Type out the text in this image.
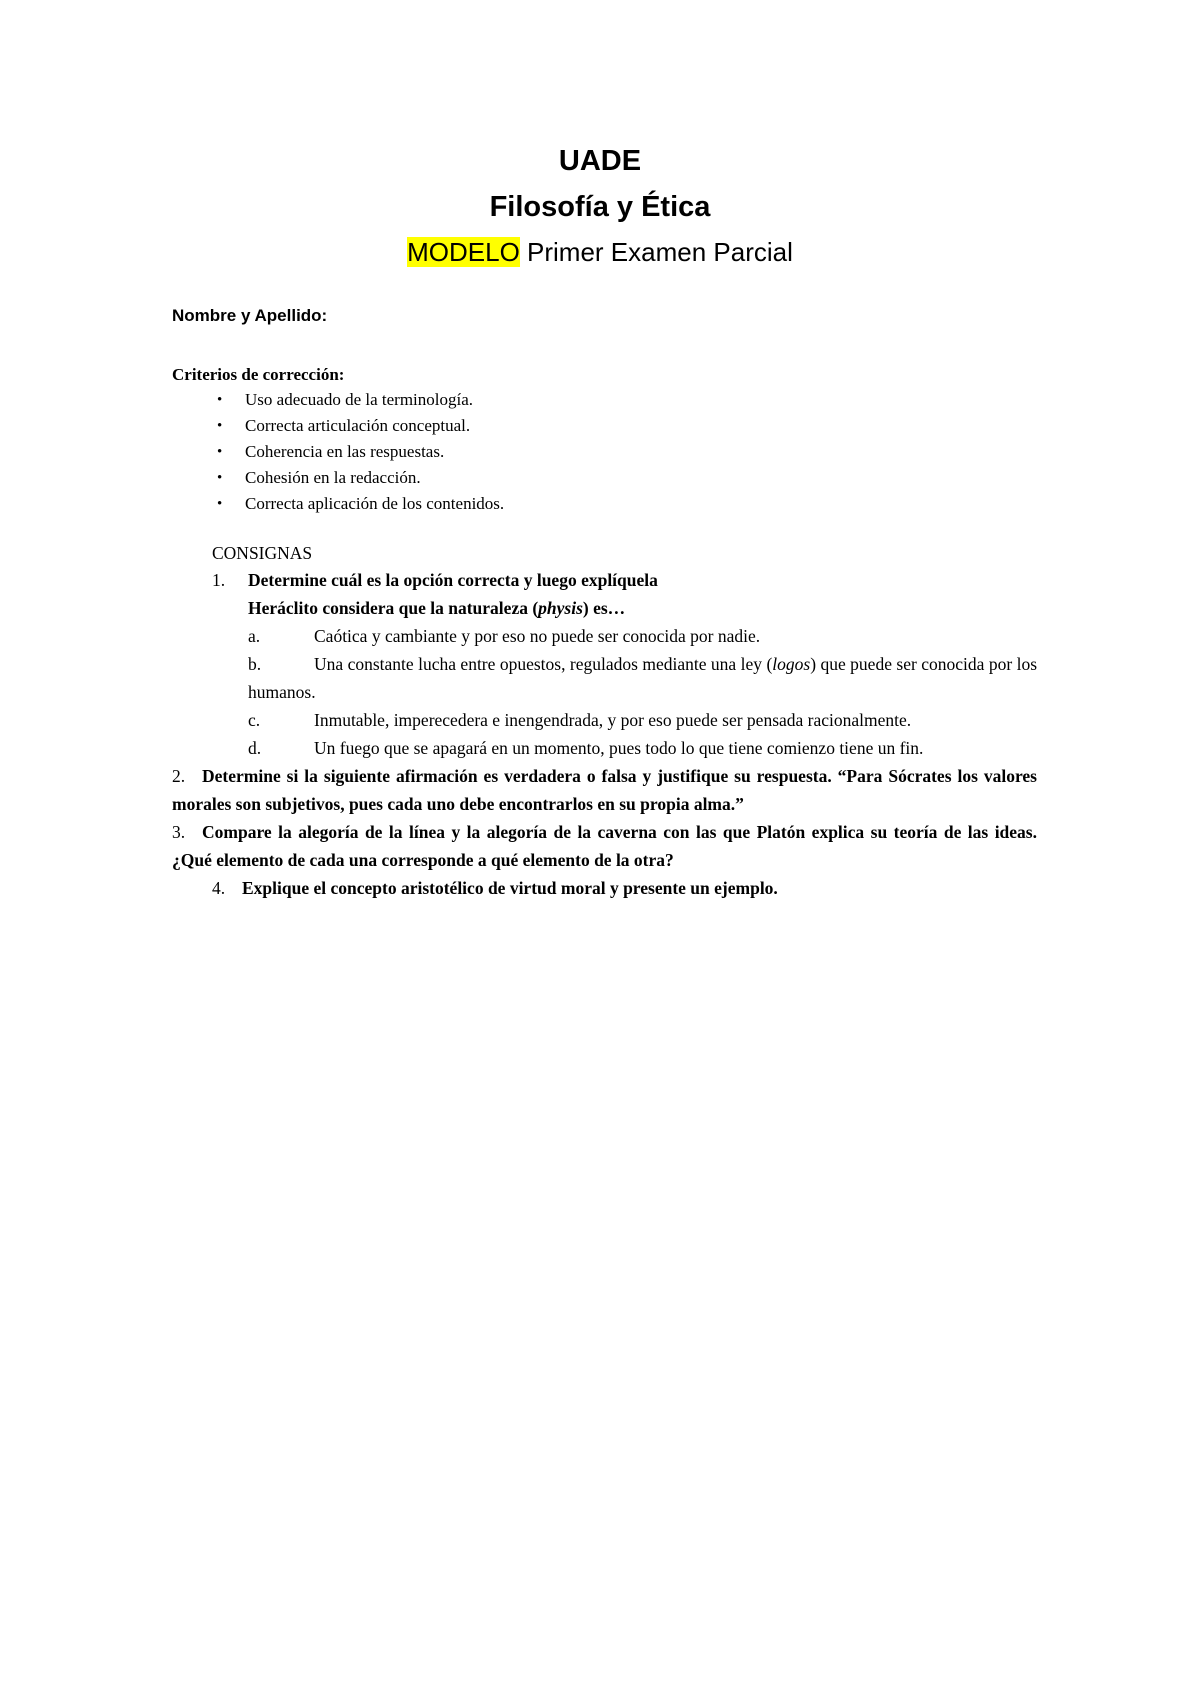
UADE

Filosofía y Ética

MODELO Primer Examen Parcial

Nombre y Apellido:
Criterios de corrección:
• Uso adecuado de la terminología.
• Correcta articulación conceptual.
• Coherencia en las respuestas.
• Cohesión en la redacción.
• Correcta aplicación de los contenidos.
CONSIGNAS
1. Determine cuál es la opción correcta y luego explíquela
Heráclito considera que la naturaleza (physis) es…
a.	Caótica y cambiante y por eso no puede ser conocida por nadie.
b.	Una constante lucha entre opuestos, regulados mediante una ley (logos) que puede ser conocida por los humanos.
c.	Inmutable, imperecedera e inengendrada, y por eso puede ser pensada racionalmente.
d.	Un fuego que se apagará en un momento, pues todo lo que tiene comienzo tiene un fin.
2. Determine si la siguiente afirmación es verdadera o falsa y justifique su respuesta. “Para Sócrates los valores morales son subjetivos, pues cada uno debe encontrarlos en su propia alma.”
3. Compare la alegoría de la línea y la alegoría de la caverna con las que Platón explica su teoría de las ideas. ¿Qué elemento de cada una corresponde a qué elemento de la otra?
4. Explique el concepto aristotélico de virtud moral y presente un ejemplo.
